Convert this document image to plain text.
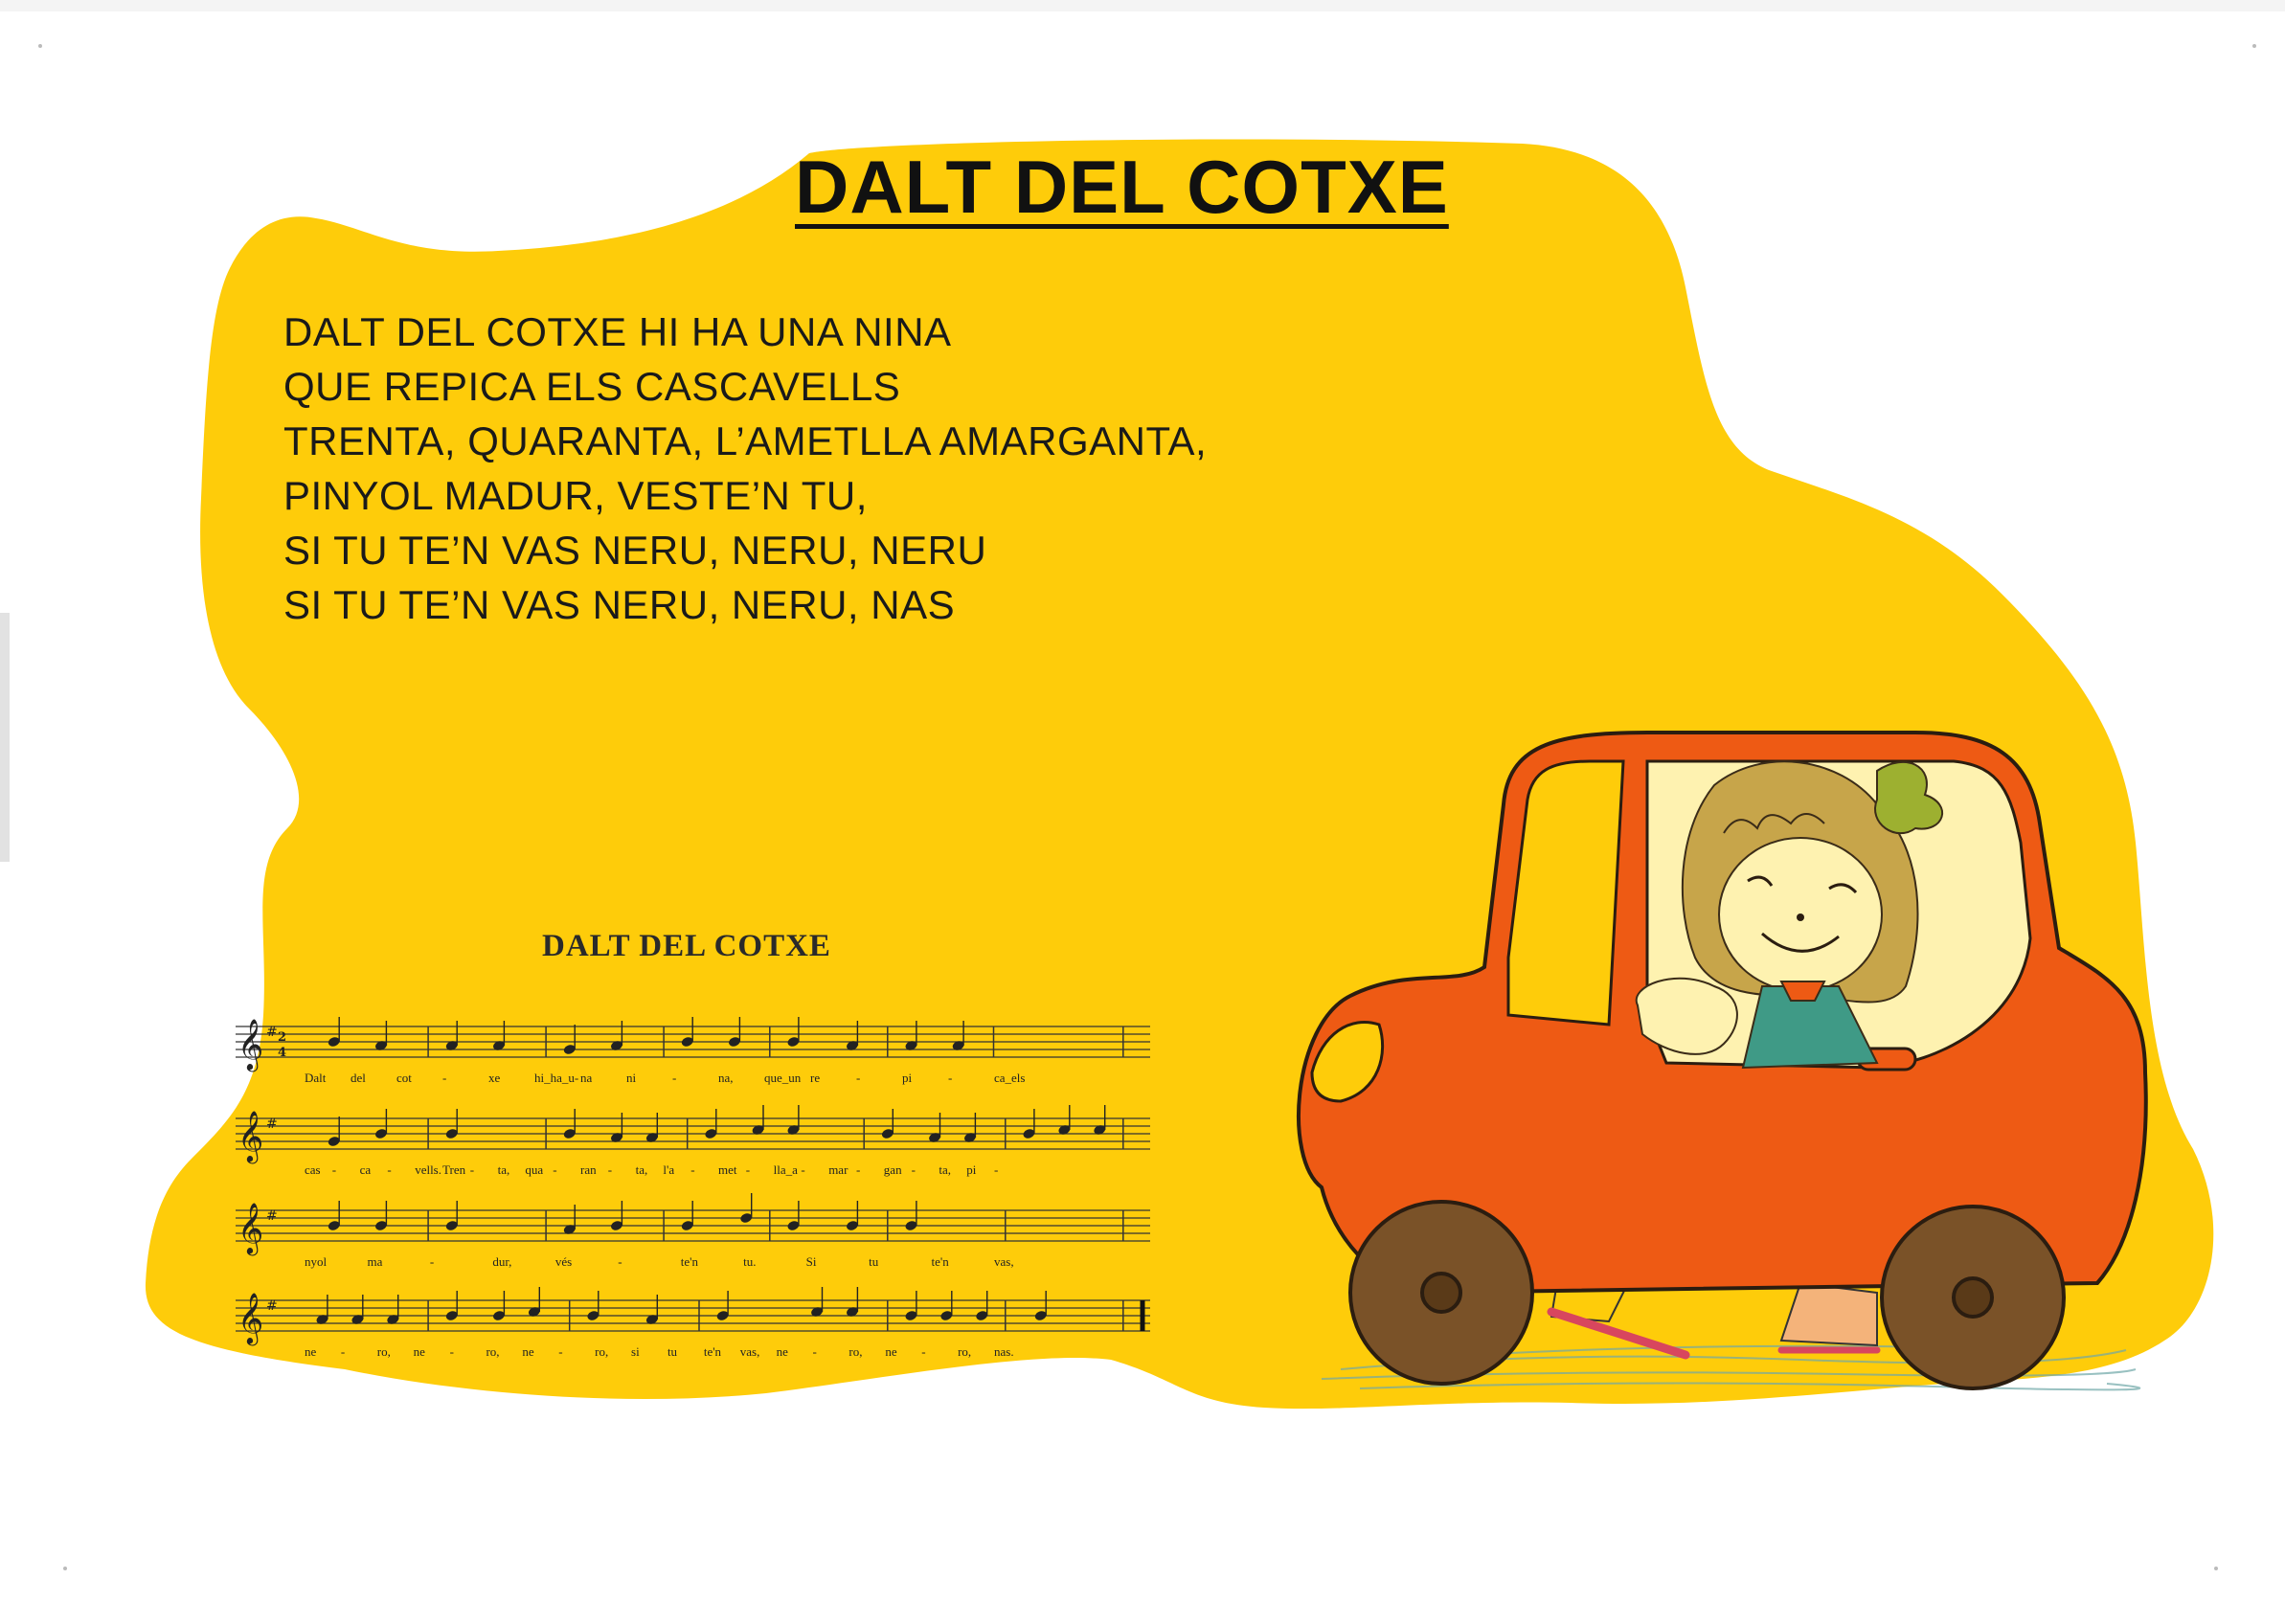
DALT DEL COTXE
DALT DEL COTXE HI HA UNA NINA
QUE REPICA ELS CASCAVELLS
TRENTA, QUARANTA, L’AMETLLA AMARGANTA,
PINYOL MADUR, VESTE’N TU,
SI TU TE’N VAS NERU, NERU, NERU
SI TU TE’N VAS NERU, NERU, NAS
DALT DEL COTXE
𝄞 # 2
4
𝄞 #
𝄞 #
𝄞 #
Dalt del cot -	xe	hi_ha_u- na	ni	-	na, que_un re	-	pi	-	ca_els
cas - ca - vells. Tren - ta, qua - ran - ta, l'a - met - lla_a - mar - gan - ta, pi -
nyol	ma	-	dur,	vés	-	te'n	tu.	Si	tu	te'n	vas,
ne -	ro, ne -	ro, ne -	ro, si tu te'n vas, ne -	ro, ne -	ro, nas.
